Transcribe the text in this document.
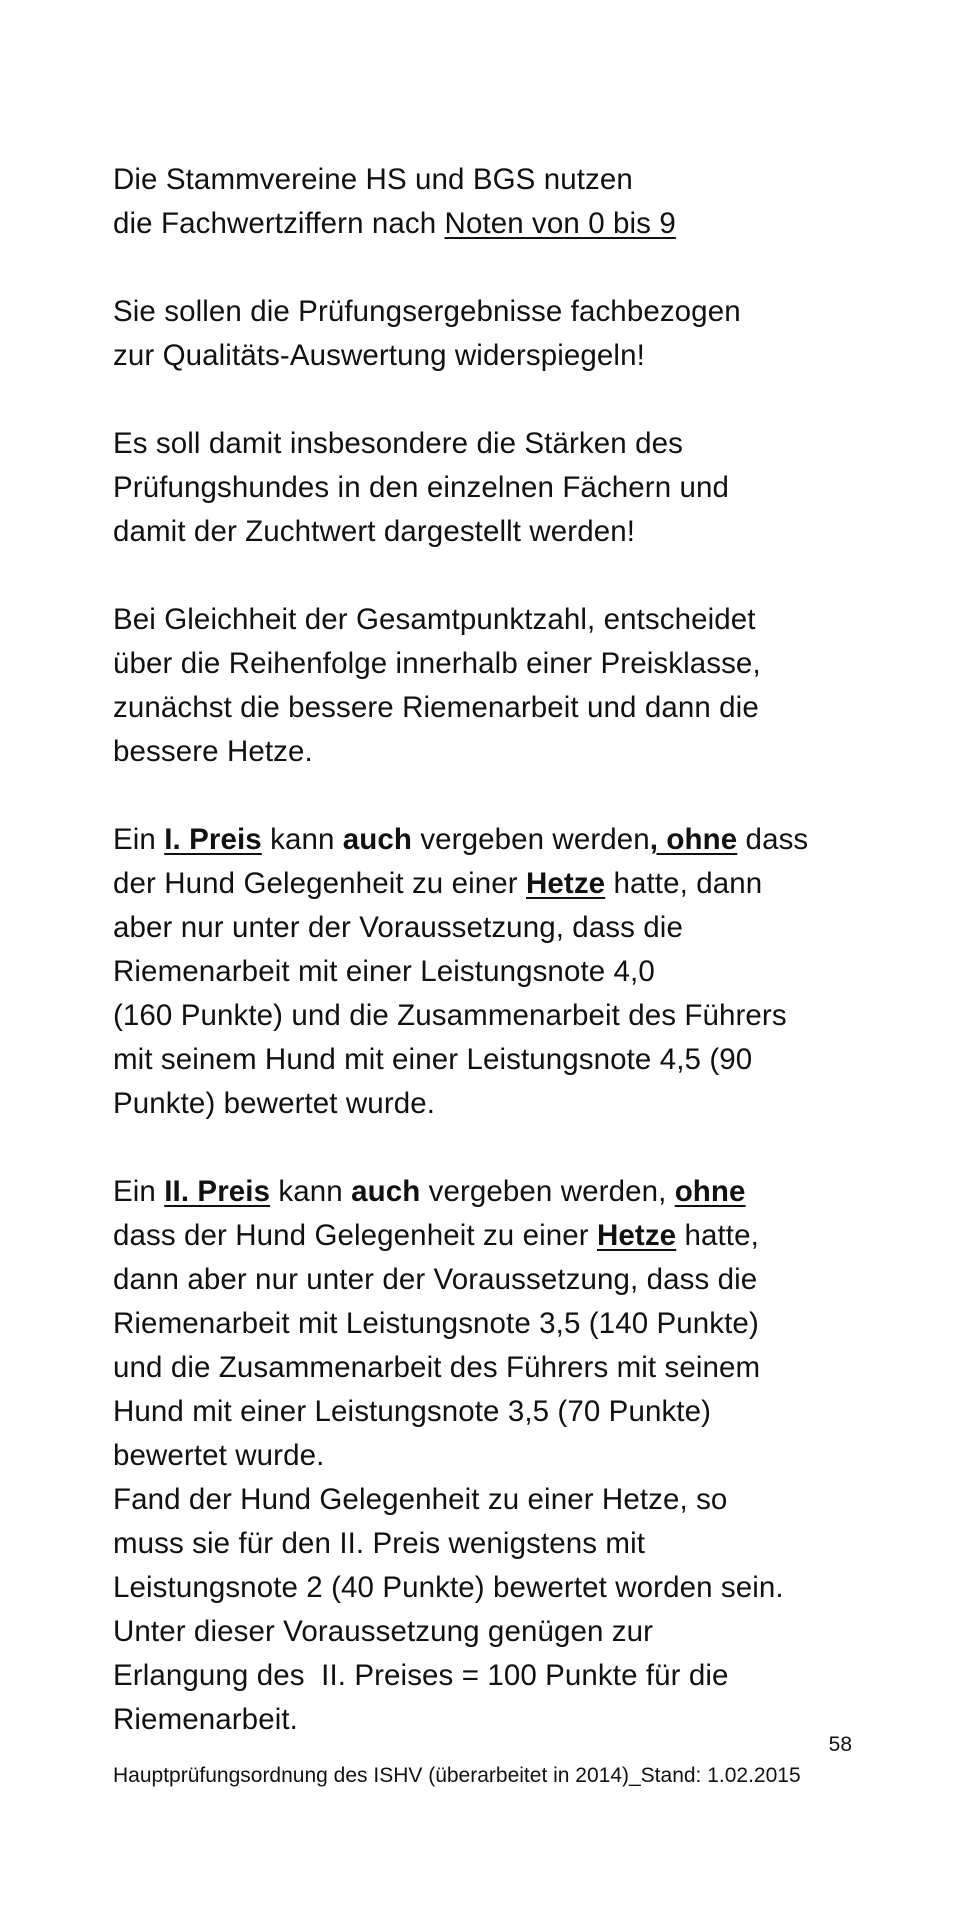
Die Stammvereine HS und BGS nutzen
die Fachwertziffern nach Noten von 0 bis 9

Sie sollen die Prüfungsergebnisse fachbezogen
zur Qualitäts-Auswertung widerspiegeln!

Es soll damit insbesondere die Stärken des
Prüfungshundes in den einzelnen Fächern und
damit der Zuchtwert dargestellt werden!

Bei Gleichheit der Gesamtpunktzahl, entscheidet
über die Reihenfolge innerhalb einer Preisklasse,
zunächst die bessere Riemenarbeit und dann die
bessere Hetze.

Ein I. Preis kann auch vergeben werden, ohne dass
der Hund Gelegenheit zu einer Hetze hatte, dann
aber nur unter der Voraussetzung, dass die
Riemenarbeit mit einer Leistungsnote 4,0
(160 Punkte) und die Zusammenarbeit des Führers
mit seinem Hund mit einer Leistungsnote 4,5 (90
Punkte) bewertet wurde.

Ein II. Preis kann auch vergeben werden, ohne
dass der Hund Gelegenheit zu einer Hetze hatte,
dann aber nur unter der Voraussetzung, dass die
Riemenarbeit mit Leistungsnote 3,5 (140 Punkte)
und die Zusammenarbeit des Führers mit seinem
Hund mit einer Leistungsnote 3,5 (70 Punkte)
bewertet wurde.
Fand der Hund Gelegenheit zu einer Hetze, so
muss sie für den II. Preis wenigstens mit
Leistungsnote 2 (40 Punkte) bewertet worden sein.
Unter dieser Voraussetzung genügen zur
Erlangung des  II. Preises = 100 Punkte für die
Riemenarbeit.

58
Hauptprüfungsordnung des ISHV (überarbeitet in 2014)_Stand: 1.02.2015
